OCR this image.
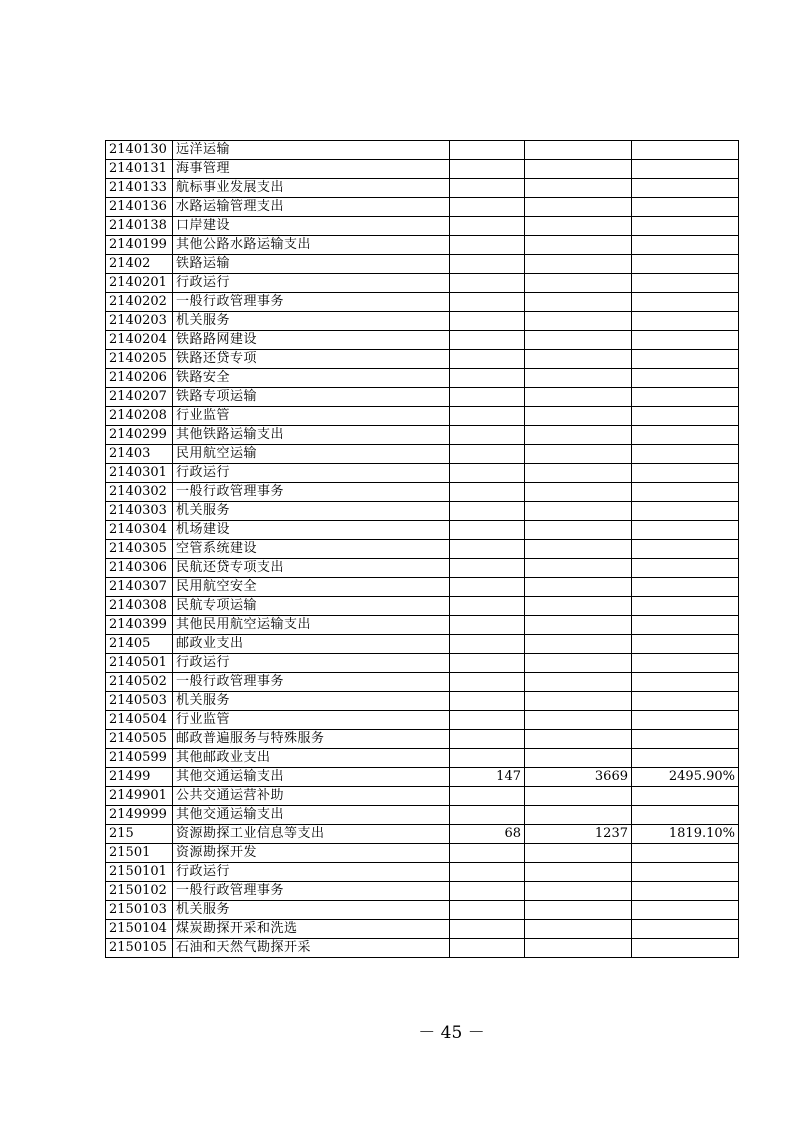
2140130	远洋运输			
2140131	海事管理			
2140133	航标事业发展支出			
2140136	水路运输管理支出			
2140138	口岸建设			
2140199	其他公路水路运输支出			
21402	铁路运输			
2140201	行政运行			
2140202	一般行政管理事务			
2140203	机关服务			
2140204	铁路路网建设			
2140205	铁路还贷专项			
2140206	铁路安全			
2140207	铁路专项运输			
2140208	行业监管			
2140299	其他铁路运输支出			
21403	民用航空运输			
2140301	行政运行			
2140302	一般行政管理事务			
2140303	机关服务			
2140304	机场建设			
2140305	空管系统建设			
2140306	民航还贷专项支出			
2140307	民用航空安全			
2140308	民航专项运输			
2140399	其他民用航空运输支出			
21405	邮政业支出			
2140501	行政运行			
2140502	一般行政管理事务			
2140503	机关服务			
2140504	行业监管			
2140505	邮政普遍服务与特殊服务			
2140599	其他邮政业支出			
21499	其他交通运输支出	147	3669	2495.90%
2149901	公共交通运营补助			
2149999	其他交通运输支出			
215	资源勘探工业信息等支出	68	1237	1819.10%
21501	资源勘探开发			
2150101	行政运行			
2150102	一般行政管理事务			
2150103	机关服务			
2150104	煤炭勘探开采和洗选			
2150105	石油和天然气勘探开采			
－ 45 －
